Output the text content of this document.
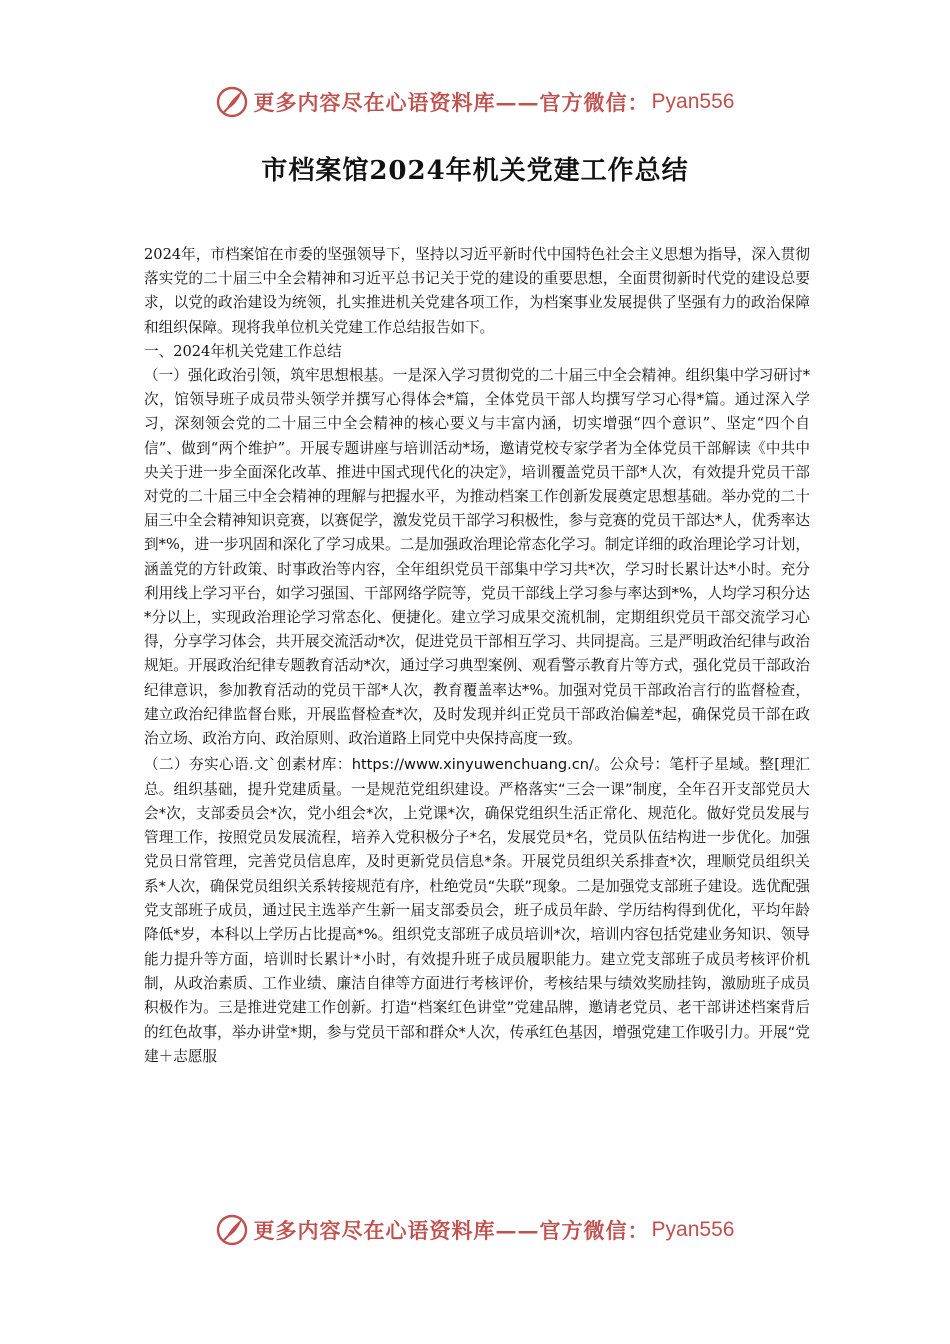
更多内容尽在心语资料库——官方微信： Pyan556
市档案馆2024年机关党建工作总结

2024年，市档案馆在市委的坚强领导下，坚持以习近平新时代中国特色社会主义思想为指导，深入贯彻落实党的二十届三中全会精神和习近平总书记关于党的建设的重要思想，全面贯彻新时代党的建设总要求，以党的政治建设为统领，扎实推进机关党建各项工作，为档案事业发展提供了坚强有力的政治保障和组织保障。现将我单位机关党建工作总结报告如下。

一、2024年机关党建工作总结

（一）强化政治引领，筑牢思想根基。一是深入学习贯彻党的二十届三中全会精神。组织集中学习研讨*次，馆领导班子成员带头领学并撰写心得体会*篇，全体党员干部人均撰写学习心得*篇。通过深入学习，深刻领会党的二十届三中全会精神的核心要义与丰富内涵，切实增强“四个意识”、坚定“四个自信”、做到“两个维护”。开展专题讲座与培训活动*场，邀请党校专家学者为全体党员干部解读《中共中央关于进一步全面深化改革、推进中国式现代化的决定》，培训覆盖党员干部*人次，有效提升党员干部对党的二十届三中全会精神的理解与把握水平，为推动档案工作创新发展奠定思想基础。举办党的二十届三中全会精神知识竞赛，以赛促学，激发党员干部学习积极性，参与竞赛的党员干部达*人，优秀率达到*%，进一步巩固和深化了学习成果。二是加强政治理论常态化学习。制定详细的政治理论学习计划，涵盖党的方针政策、时事政治等内容，全年组织党员干部集中学习共*次，学习时长累计达*小时。充分利用线上学习平台，如学习强国、干部网络学院等，党员干部线上学习参与率达到*%，人均学习积分达*分以上，实现政治理论学习常态化、便捷化。建立学习成果交流机制，定期组织党员干部交流学习心得，分享学习体会，共开展交流活动*次，促进党员干部相互学习、共同提高。三是严明政治纪律与政治规矩。开展政治纪律专题教育活动*次，通过学习典型案例、观看警示教育片等方式，强化党员干部政治纪律意识，参加教育活动的党员干部*人次，教育覆盖率达*%。加强对党员干部政治言行的监督检查，建立政治纪律监督台账，开展监督检查*次，及时发现并纠正党员干部政治偏差*起，确保党员干部在政治立场、政治方向、政治原则、政治道路上同党中央保持高度一致。

（二）夯实心语.文`创素材库：https://www.xinyuwenchuang.cn/。公众号：笔杆子星域。整[理汇总。组织基础，提升党建质量。一是规范党组织建设。严格落实“三会一课”制度，全年召开支部党员大会*次，支部委员会*次，党小组会*次，上党课*次，确保党组织生活正常化、规范化。做好党员发展与管理工作，按照党员发展流程，培养入党积极分子*名，发展党员*名，党员队伍结构进一步优化。加强党员日常管理，完善党员信息库，及时更新党员信息*条。开展党员组织关系排查*次，理顺党员组织关系*人次，确保党员组织关系转接规范有序，杜绝党员“失联”现象。二是加强党支部班子建设。选优配强党支部班子成员，通过民主选举产生新一届支部委员会，班子成员年龄、学历结构得到优化，平均年龄降低*岁，本科以上学历占比提高*%。组织党支部班子成员培训*次，培训内容包括党建业务知识、领导能力提升等方面，培训时长累计*小时，有效提升班子成员履职能力。建立党支部班子成员考核评价机制，从政治素质、工作业绩、廉洁自律等方面进行考核评价，考核结果与绩效奖励挂钩，激励班子成员积极作为。三是推进党建工作创新。打造“档案红色讲堂”党建品牌，邀请老党员、老干部讲述档案背后的红色故事，举办讲堂*期，参与党员干部和群众*人次，传承红色基因，增强党建工作吸引力。开展“党建＋志愿服

更多内容尽在心语资料库——官方微信： Pyan556
